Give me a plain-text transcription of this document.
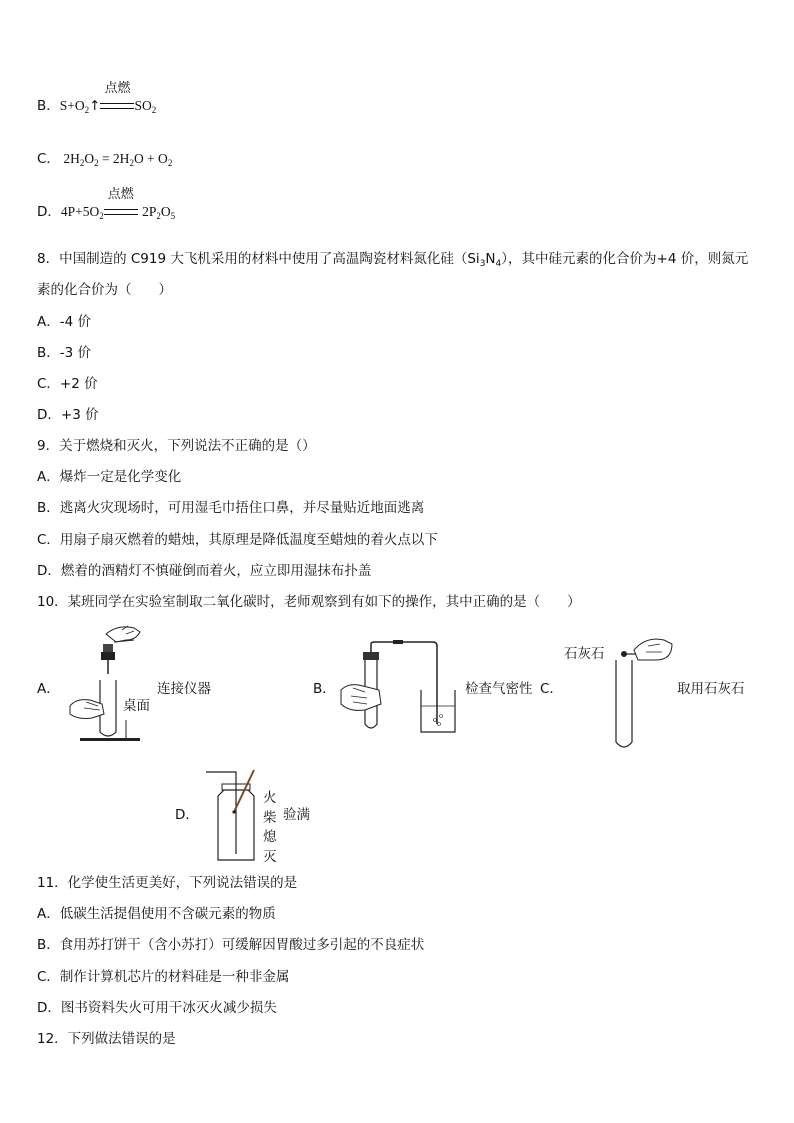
B．$S+O_2↑$
点燃
$SO_2$
C． $2H_2O_2 = 2H_2O + O_2$
D．$4P+5O_2$
点燃
$2P_2O_5$
8．中国制造的 C919 大飞机采用的材料中使用了高温陶瓷材料氮化硅$(Si_3N_4)$，其中硅元素的化合价为+4 价，则氮元
素的化合价为（　　）
A．-4 价
B．-3 价
C．+2 价
D．+3 价
9．关于燃烧和灭火，下列说法不正确的是（）
A．爆炸一定是化学变化
B．逃离火灾现场时，可用湿毛巾捂住口鼻，并尽量贴近地面逃离
C．用扇子扇灭燃着的蜡烛，其原理是降低温度至蜡烛的着火点以下
D．燃着的酒精灯不慎碰倒而着火，应立即用湿抹布扑盖
10．某班同学在实验室制取二氧化碳时，老师观察到有如下的操作，其中正确的是（　　）
A．	连接仪器
桌面
B．	检查气密性 C．
石灰石
取用石灰石
D．
火
柴
熄
灭
验满
11．化学使生活更美好，下列说法错误的是
A．低碳生活提倡使用不含碳元素的物质
B．食用苏打饼干（含小苏打）可缓解因胃酸过多引起的不良症状
C．制作计算机芯片的材料硅是一种非金属
D．图书资料失火可用干冰灭火减少损失
12．下列做法错误的是
